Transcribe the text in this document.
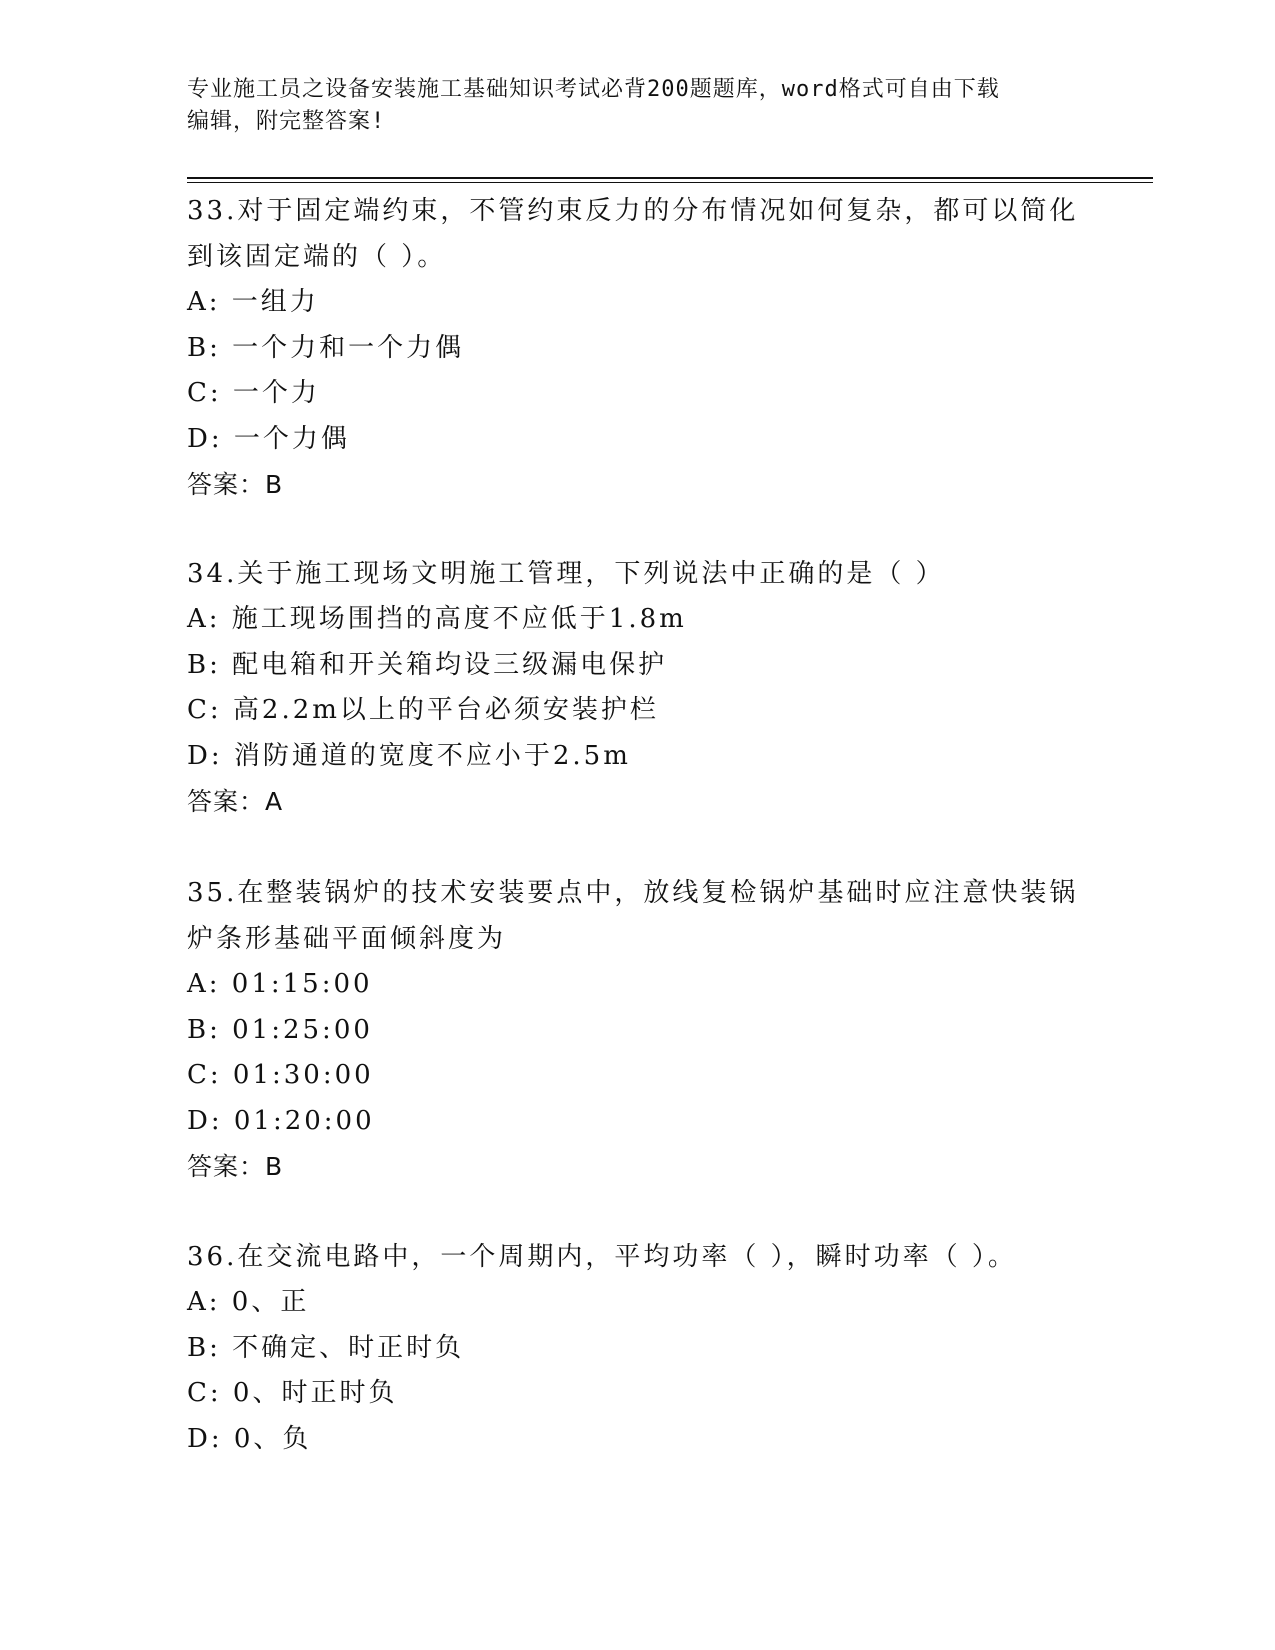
专业施工员之设备安装施工基础知识考试必背200题题库，word格式可自由下载
编辑，附完整答案!

33.对于固定端约束，不管约束反力的分布情况如何复杂，都可以简化

到该固定端的（ ）。

A: 一组力

B: 一个力和一个力偶

C: 一个力

D: 一个力偶

答案：B

34.关于施工现场文明施工管理，下列说法中正确的是（ ）

A: 施工现场围挡的高度不应低于1.8m

B: 配电箱和开关箱均设三级漏电保护

C: 高2.2m以上的平台必须安装护栏

D: 消防通道的宽度不应小于2.5m

答案：A

35.在整装锅炉的技术安装要点中，放线复检锅炉基础时应注意快装锅

炉条形基础平面倾斜度为

A: 01:15:00

B: 01:25:00

C: 01:30:00

D: 01:20:00

答案：B

36.在交流电路中，一个周期内，平均功率（ ），瞬时功率（ ）。

A: 0、正

B: 不确定、时正时负

C: 0、时正时负

D: 0、负
